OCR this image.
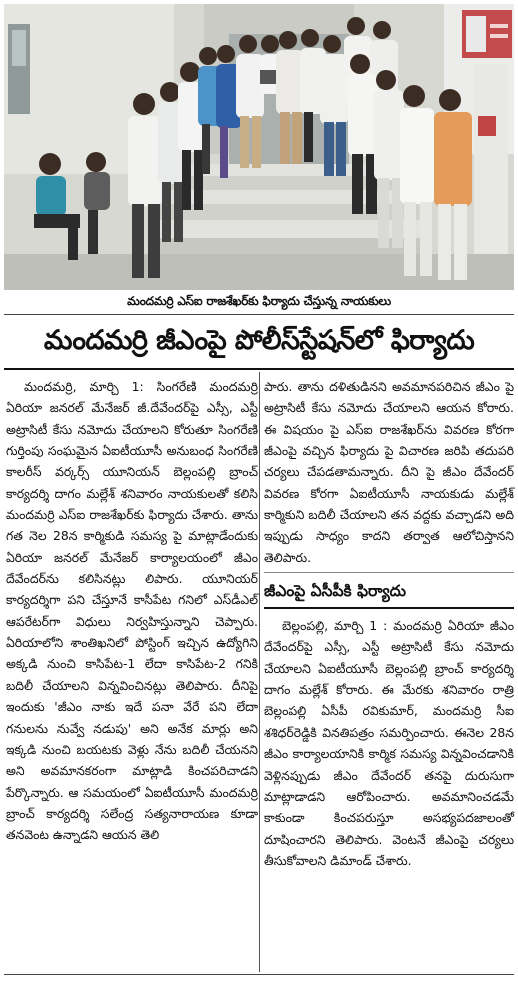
మందమర్రి ఎస్ఐ రాజశేఖర్‌కు ఫిర్యాదు చేస్తున్న నాయకులు
మందమర్రి జీఎంపై పోలీస్‌స్టేషన్‌లో ఫిర్యాదు

మందమర్రి, మార్చి 1: సింగరేణి మందమర్రి ఏరియా జనరల్ మేనేజర్ జీ.దేవేందర్‌పై ఎస్సీ, ఎస్టీ అట్రాసిటీ కేసు నమోదు చేయాలని కోరుతూ సింగరేణి గుర్తింపు సంఘమైన ఏఐటీయూసీ అనుబంధ సింగరేణి కాలరీస్ వర్కర్స్ యూనియన్ బెల్లంపల్లి బ్రాంచ్ కార్యదర్శి దాగం మల్లేశ్ శనివారం నాయకులతో కలిసి మందమర్రి ఎస్ఐ రాజశేఖర్‌కు ఫిర్యాదు చేశారు. తాను గత నెల 28న కార్మికుడి సమస్య పై మాట్లాడేందుకు ఏరియా జనరల్ మేనేజర్ కార్యాలయంలో జీఎం దేవేందర్‌ను కలిసినట్లు లిపారు. యూనియర్ కార్యదర్శిగా పని చేస్తూనే కాసీపేట గనిలో ఎస్‌డీఎల్ ఆపరేటర్‌గా విధులు నిర్వహిస్తున్నాని చెప్పారు. ఏరియాలోని శాంతిఖనిలో పోస్టింగ్ ఇచ్చిన ఉద్యోగిని అక్కడి నుంచి కాసిపేట-1 లేదా కాసిపేట-2 గనికి బదిలీ చేయాలని విన్నవించినట్లు తెలిపారు. దీనిపై ఇందుకు 'జీఎం నాకు ఇదే పనా వేరే పని లేదా గనులను నువ్వే నడుపు' అని అనేక మార్లు అని ఇక్కడి నుంచి బయటకు వెళ్లు నేను బదిలీ చేయనని అని అవమానకరంగా మాట్లాడి కించపరిచాడని పేర్కొన్నారు. ఆ సమయంలో ఏఐటీయూసీ మందమర్రి బ్రాంచ్ కార్యదర్శి సలేంద్ర సత్యనారాయణ కూడా తనవెంట ఉన్నాడని ఆయన తెలి

పారు. తాను దళితుడినని అవమానపరిచిన జీఎం పై అట్రాసిటీ కేసు నమోదు చేయాలని ఆయన కోరారు. ఈ విషయం పై ఎస్ఐ రాజశేఖర్‌ను వివరణ కోరగా జీఎంపై వచ్చిన ఫిర్యాదు పై విచారణ జరిపి తదుపరి చర్యలు చేపడతామన్నారు. దీని పై జీఎం దేవేందర్ వివరణ కోరగా ఏఐటీయూసీ నాయకుడు మల్లేశ్ కార్మికుని బదిలీ చేయాలని తన వద్దకు వచ్చాడని అది ఇప్పుడు సాధ్యం కాదని తర్వాత ఆలోచిస్తానని తెలిపారు.

జీఎంపై ఏసీపీకి ఫిర్యాదు

బెల్లంపల్లి, మార్చి 1 : మందమర్రి ఏరియా జీఎం దేవేందర్‌పై ఎస్సీ, ఎస్టీ అట్రాసిటీ కేసు నమోదు చేయాలని ఏఐటీయూసీ బెల్లంపల్లి బ్రాంచ్ కార్యదర్శి దాగం మల్లేశ్ కోరారు. ఈ మేరకు శనివారం రాత్రి బెల్లంపల్లి ఏసీపీ రవికుమార్, మందమర్రి సీఐ శశిధర్‌రెడ్డికి వినతిపత్రం సమర్పించారు. ఈనెల 28న జీఎం కార్యాలయానికి కార్మిక సమస్య విన్నవించడానికి వెళ్లినప్పుడు జీఎం దేవేందర్ తనపై దురుసుగా మాట్లాడాడని ఆరోపించారు. అవమానించడమే కాకుండా కించపరుస్తూ అసభ్యపదజాలంతో దూషించారని తెలిపారు. వెంటనే జీఎంపై చర్యలు తీసుకోవాలని డిమాండ్ చేశారు.
